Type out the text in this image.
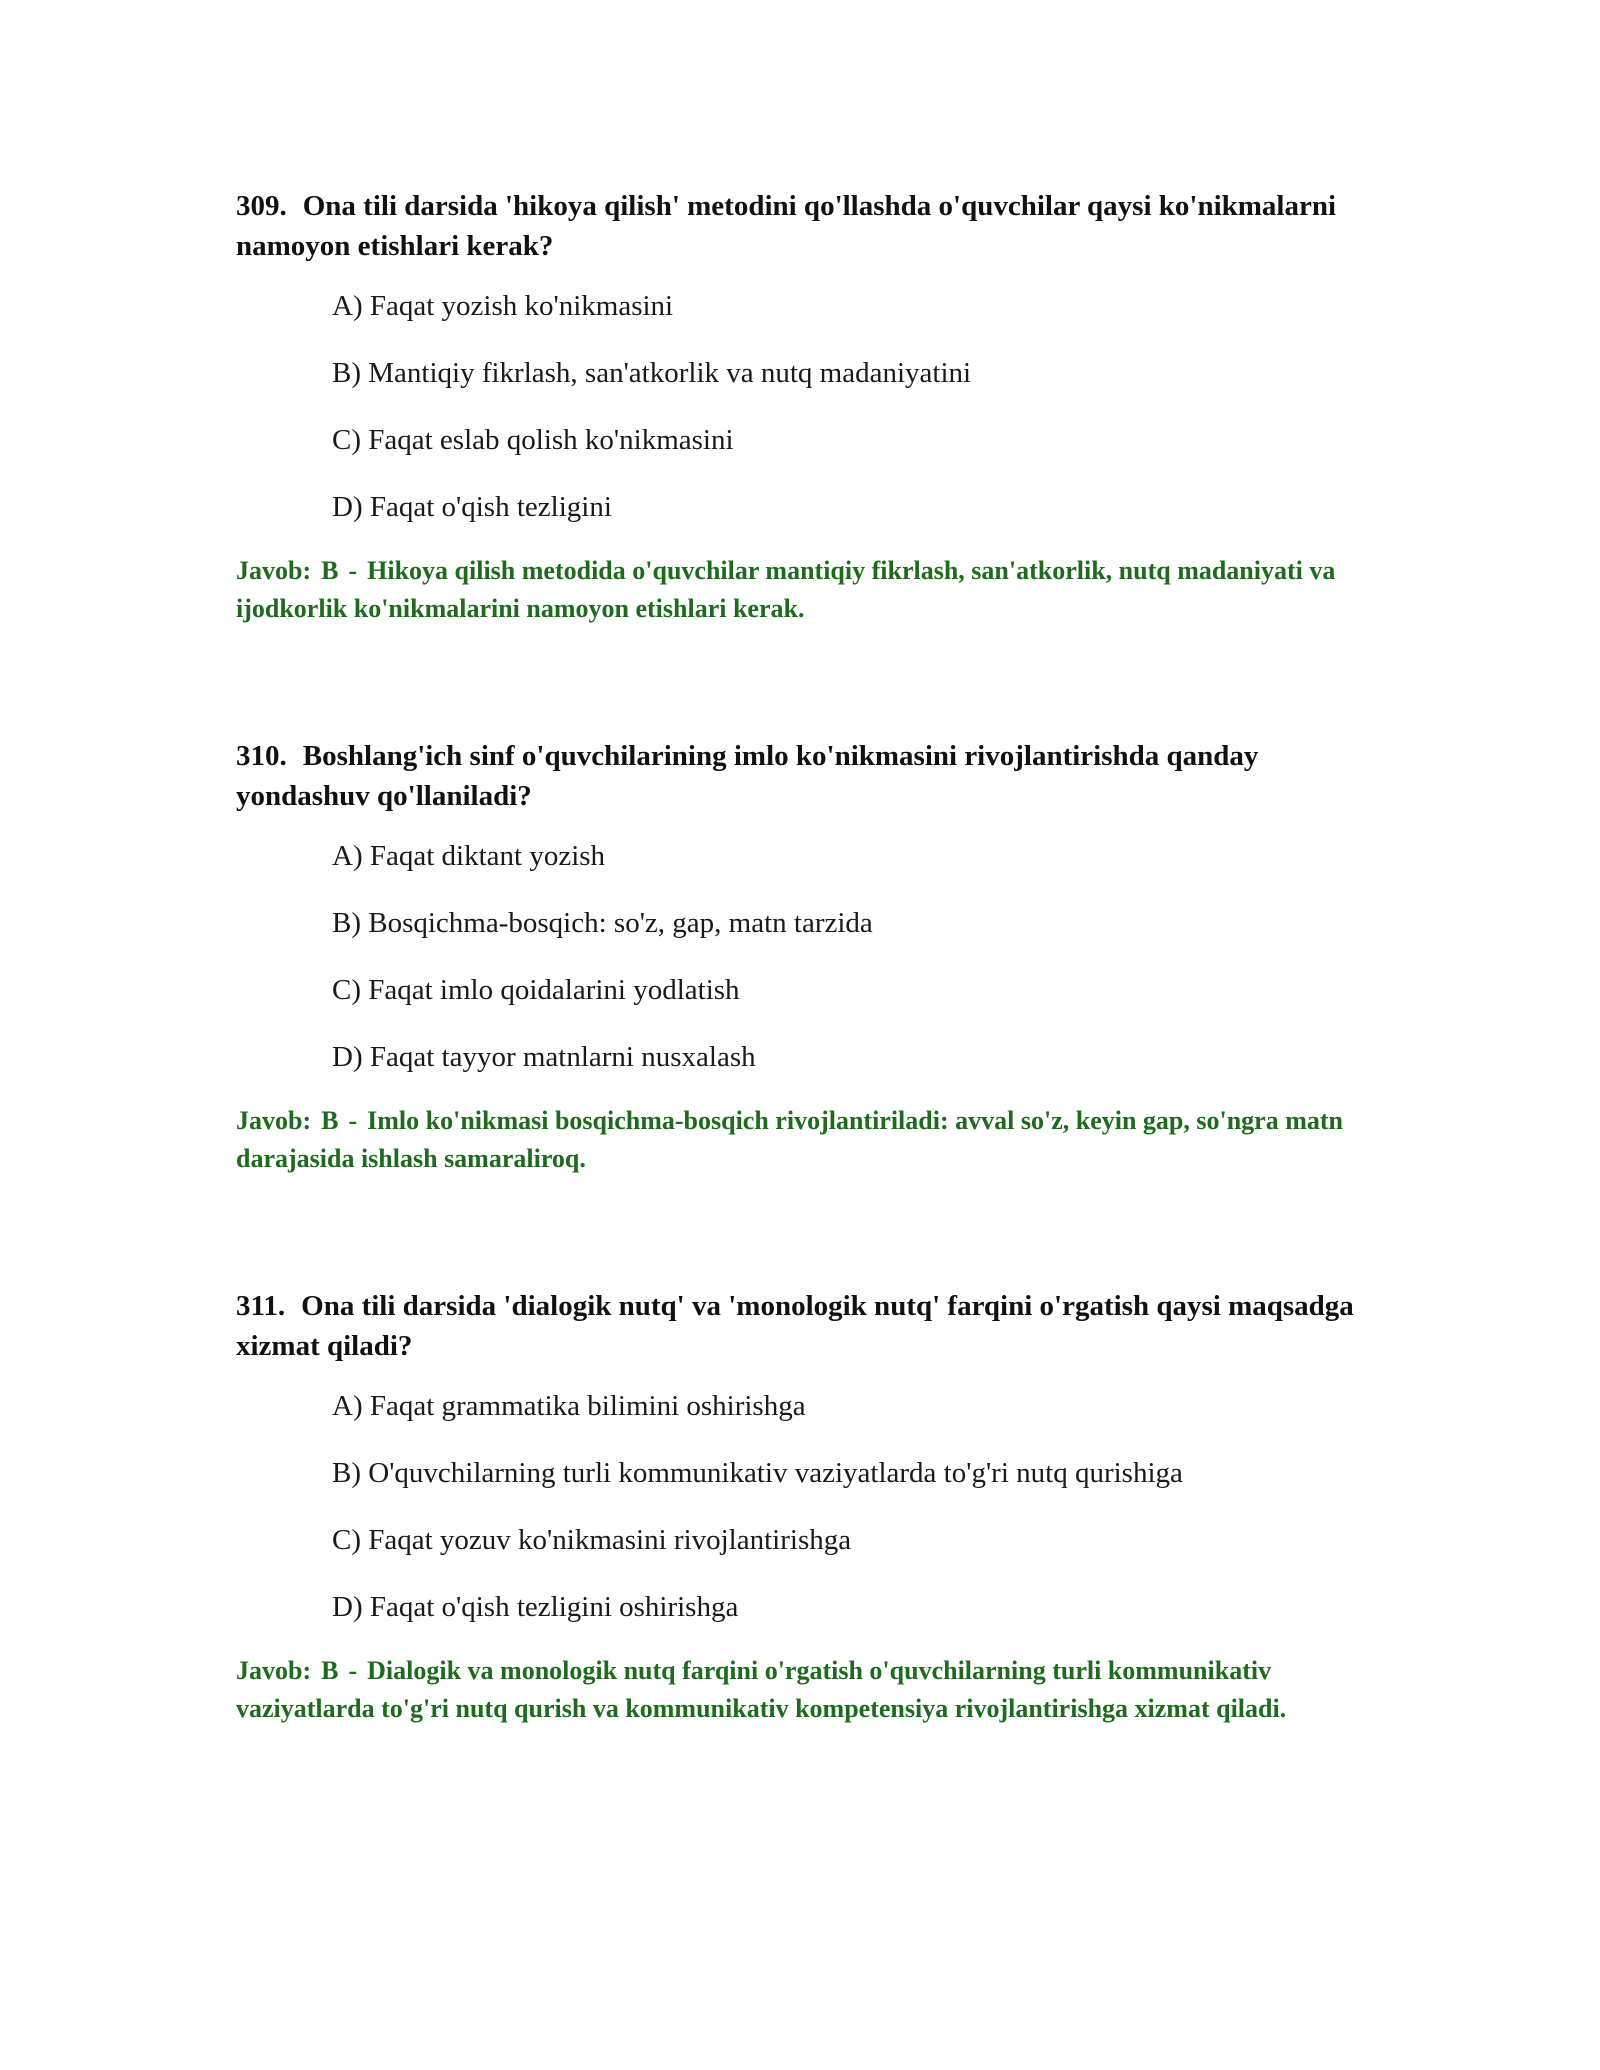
309. Ona tili darsida 'hikoya qilish' metodini qo'llashda o'quvchilar qaysi ko'nikmalarni namoyon etishlari kerak?

A) Faqat yozish ko'nikmasini
B) Mantiqiy fikrlash, san'atkorlik va nutq madaniyatini
C) Faqat eslab qolish ko'nikmasini
D) Faqat o'qish tezligini

Javob: B - Hikoya qilish metodida o'quvchilar mantiqiy fikrlash, san'atkorlik, nutq madaniyati va ijodkorlik ko'nikmalarini namoyon etishlari kerak.

310. Boshlang'ich sinf o'quvchilarining imlo ko'nikmasini rivojlantirishda qanday yondashuv qo'llaniladi?

A) Faqat diktant yozish
B) Bosqichma-bosqich: so'z, gap, matn tarzida
C) Faqat imlo qoidalarini yodlatish
D) Faqat tayyor matnlarni nusxalash

Javob: B - Imlo ko'nikmasi bosqichma-bosqich rivojlantiriladi: avval so'z, keyin gap, so'ngra matn darajasida ishlash samaraliroq.

311. Ona tili darsida 'dialogik nutq' va 'monologik nutq' farqini o'rgatish qaysi maqsadga xizmat qiladi?

A) Faqat grammatika bilimini oshirishga
B) O'quvchilarning turli kommunikativ vaziyatlarda to'g'ri nutq qurishiga
C) Faqat yozuv ko'nikmasini rivojlantirishga
D) Faqat o'qish tezligini oshirishga

Javob: B - Dialogik va monologik nutq farqini o'rgatish o'quvchilarning turli kommunikativ vaziyatlarda to'g'ri nutq qurish va kommunikativ kompetensiya rivojlantirishga xizmat qiladi.
